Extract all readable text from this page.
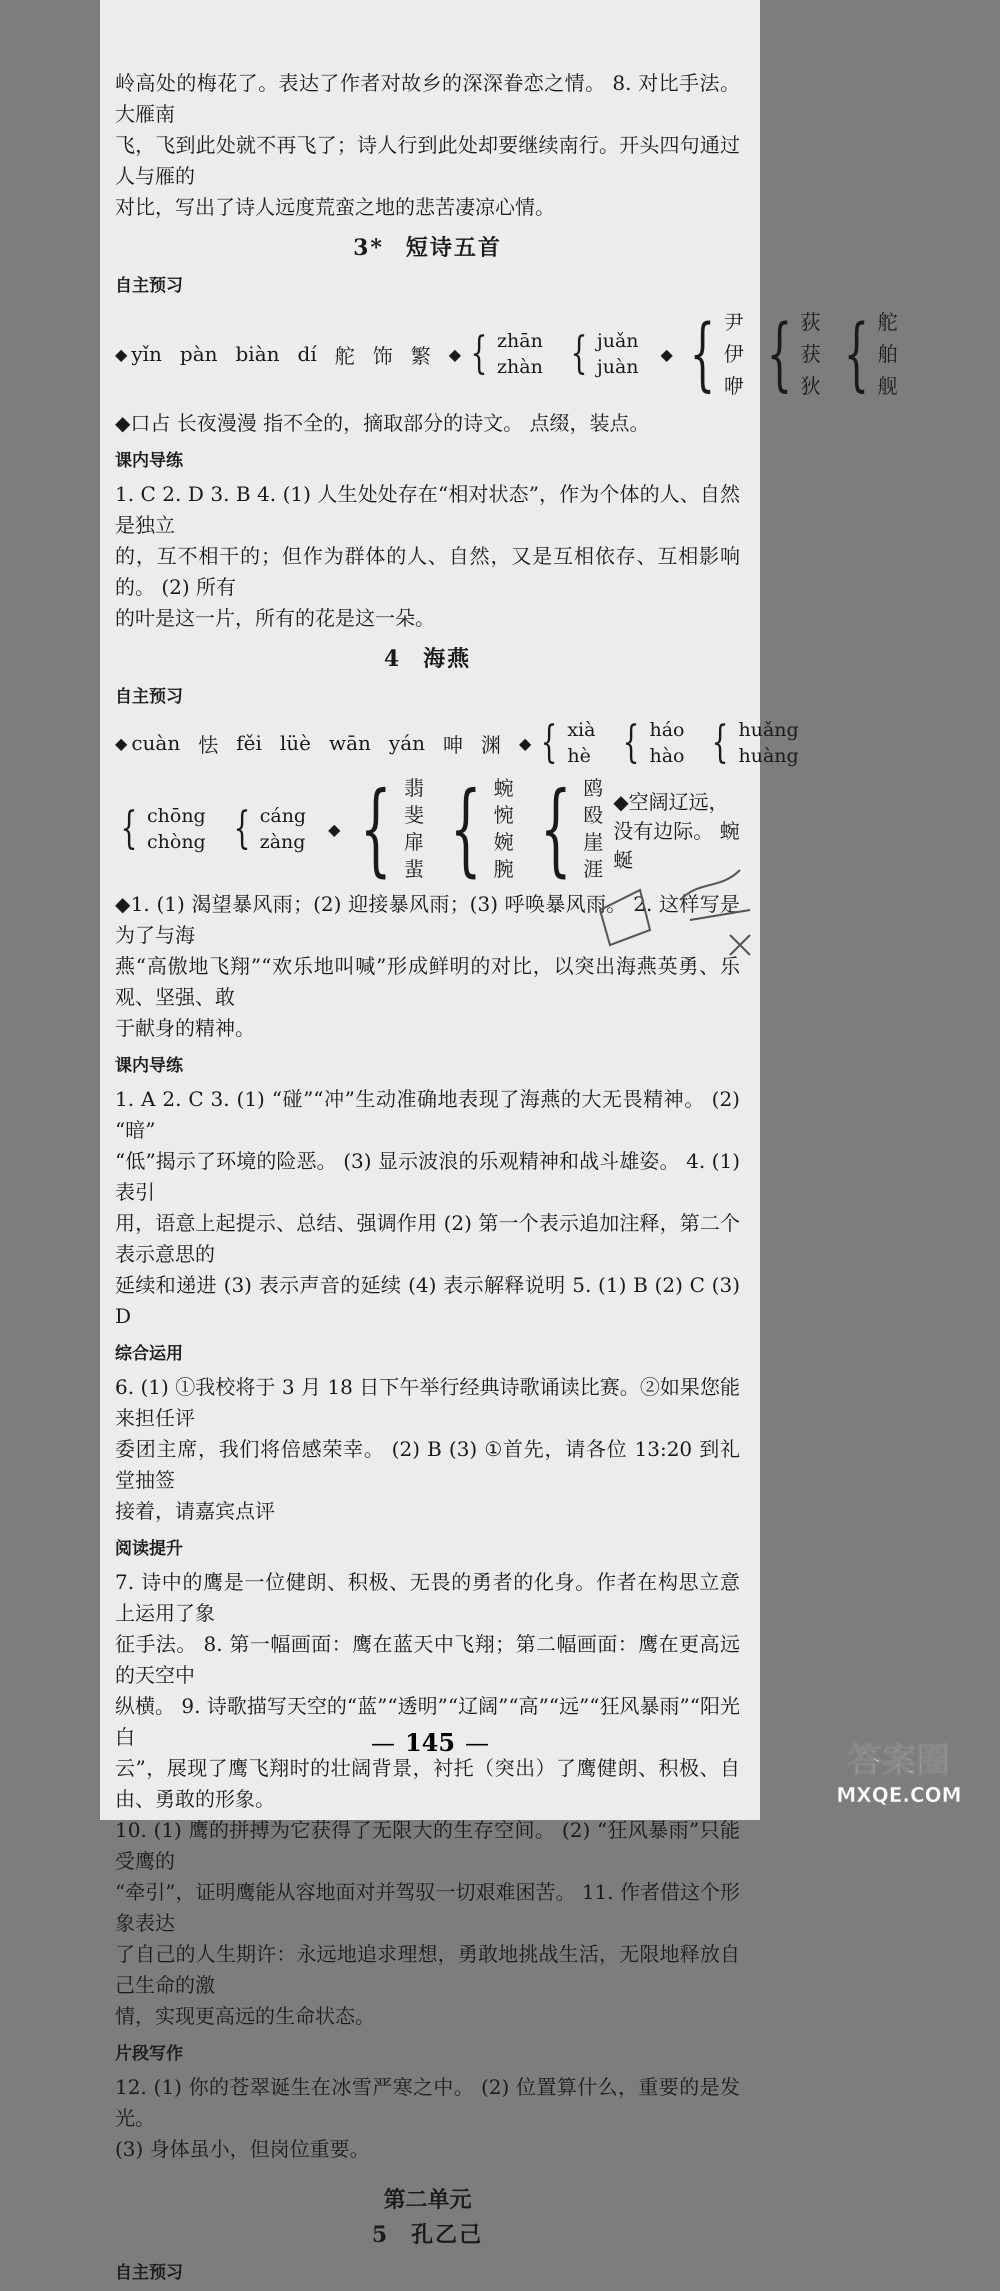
岭高处的梅花了。表达了作者对故乡的深深眷恋之情。 8. 对比手法。大雁南

飞，飞到此处就不再飞了；诗人行到此处却要继续南行。开头四句通过人与雁的

对比，写出了诗人远度荒蛮之地的悲苦凄凉心情。

3* 短诗五首
自主预习
◆ yǐn pàn biàn dí 舵 饰 繁 ◆ { zhān
zhàn { juǎn
juàn
◆ { 尹
伊
咿 { 荻
获
狄 { 舵
舶
舰

◆口占 长夜漫漫 指不全的，摘取部分的诗文。 点缀，装点。

课内导练

1. C 2. D 3. B 4. (1) 人生处处存在“相对状态”，作为个体的人、自然是独立

的，互不相干的；但作为群体的人、自然，又是互相依存、互相影响的。 (2) 所有

的叶是这一片，所有的花是这一朵。

4 海燕
自主预习
◆ cuàn 怯 fěi lüè wān yán 呻 渊 ◆ { xià
hè { háo
hào { huǎng
huàng
{ chōng
chòng { cáng
zàng
◆ { 翡
斐
扉
蜚 { 蜿
惋
婉
腕 { 鸥
殴
崖
涯
◆空阔辽远，没有边际。 蜿蜒

◆1. (1) 渴望暴风雨；(2) 迎接暴风雨；(3) 呼唤暴风雨。 2. 这样写是为了与海

燕“高傲地飞翔”“欢乐地叫喊”形成鲜明的对比，以突出海燕英勇、乐观、坚强、敢

于献身的精神。

课内导练

1. A 2. C 3. (1) “碰”“冲”生动准确地表现了海燕的大无畏精神。 (2) “暗”

“低”揭示了环境的险恶。 (3) 显示波浪的乐观精神和战斗雄姿。 4. (1) 表引

用，语意上起提示、总结、强调作用 (2) 第一个表示追加注释，第二个表示意思的

延续和递进 (3) 表示声音的延续 (4) 表示解释说明 5. (1) B (2) C (3) D

综合运用

6. (1) ①我校将于 3 月 18 日下午举行经典诗歌诵读比赛。②如果您能来担任评

委团主席，我们将倍感荣幸。 (2) B (3) ①首先，请各位 13:20 到礼堂抽签

接着，请嘉宾点评

阅读提升

7. 诗中的鹰是一位健朗、积极、无畏的勇者的化身。作者在构思立意上运用了象

征手法。 8. 第一幅画面：鹰在蓝天中飞翔；第二幅画面：鹰在更高远的天空中

纵横。 9. 诗歌描写天空的“蓝”“透明”“辽阔”“高”“远”“狂风暴雨”“阳光白

云”，展现了鹰飞翔时的壮阔背景，衬托（突出）了鹰健朗、积极、自由、勇敢的形象。

10. (1) 鹰的拼搏为它获得了无限大的生存空间。 (2) “狂风暴雨”只能受鹰的

“牵引”，证明鹰能从容地面对并驾驭一切艰难困苦。 11. 作者借这个形象表达

了自己的人生期许：永远地追求理想，勇敢地挑战生活，无限地释放自己生命的激

情，实现更高远的生命状态。

片段写作

12. (1) 你的苍翠诞生在冰雪严寒之中。 (2) 位置算什么，重要的是发光。

(3) 身体虽小，但岗位重要。

第二单元
5 孔乙己
自主预习
— 145 —	答案圈
MXQE.COM
